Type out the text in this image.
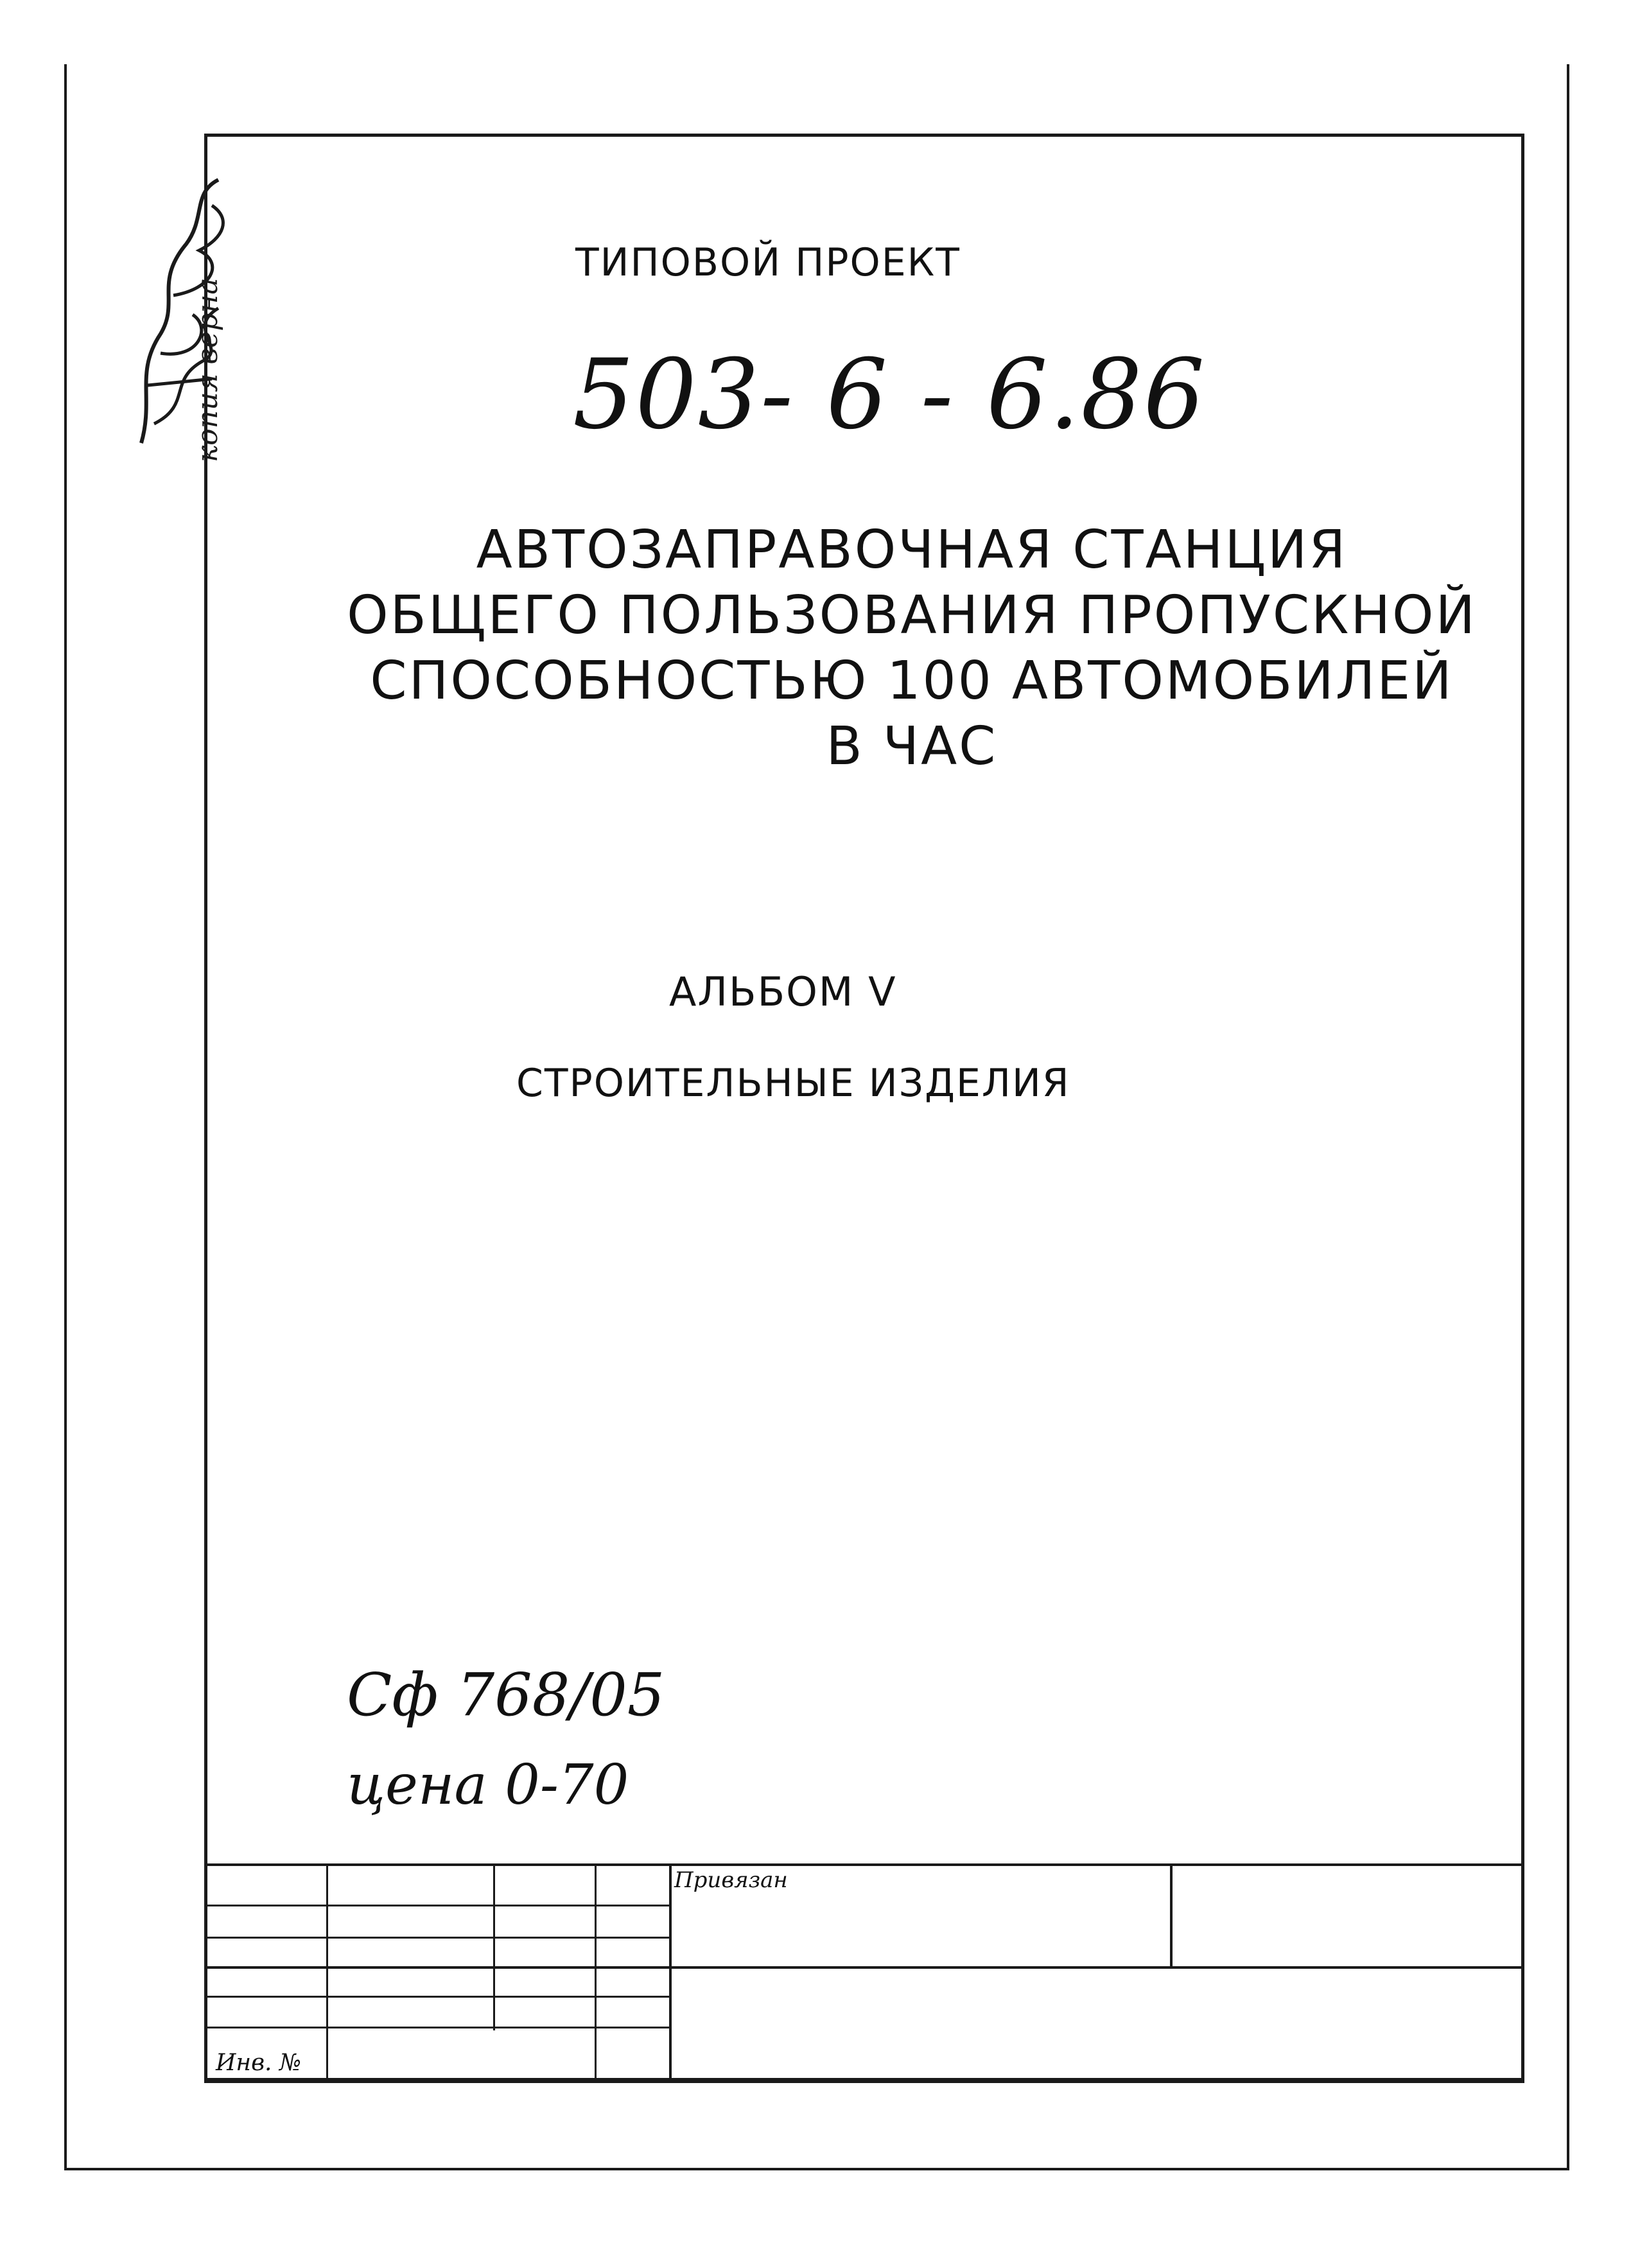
копия верна
ТИПОВОЙ ПРОЕКТ
503- 6 - 6.86
АВТОЗАПРАВОЧНАЯ СТАНЦИЯ
ОБЩЕГО ПОЛЬЗОВАНИЯ ПРОПУСКНОЙ
СПОСОБНОСТЬЮ 100 АВТОМОБИЛЕЙ
В ЧАС
АЛЬБОМ V
СТРОИТЕЛЬНЫЕ ИЗДЕЛИЯ
Сф 768/05
цена 0-70
Привязан
Инв. №
